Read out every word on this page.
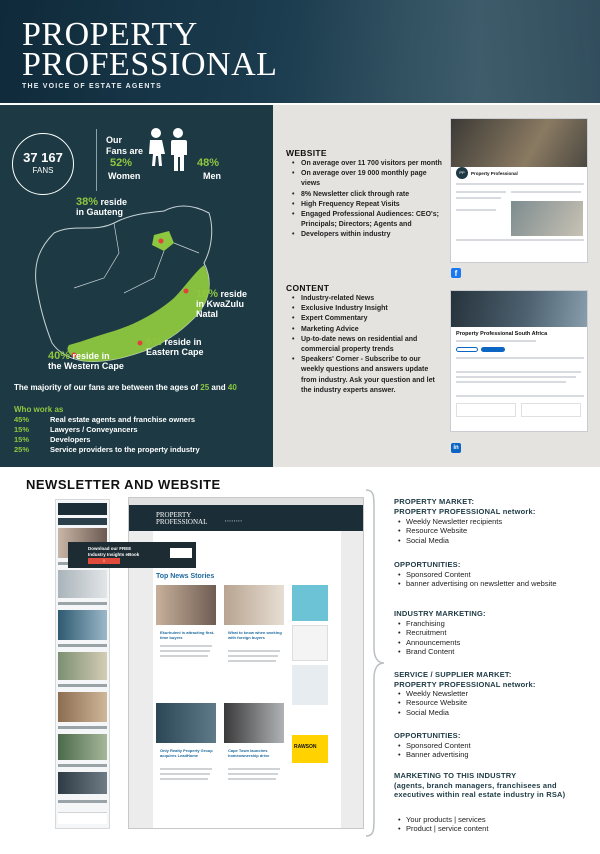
PROPERTY
PROFESSIONAL
THE VOICE OF ESTATE AGENTS
37 167
FANS
Our
Fans are
52%
Women
48%
Men
38% reside
in Gauteng
16% reside
in KwaZulu
Natal
6% reside in
Eastern Cape
40% reside in
the Western Cape
The majority of our fans are between the ages of 25 and 40
Who work as
45%	Real estate agents and franchise owners
15%	Lawyers / Conveyancers
15%	Developers
25%	Service providers to the property industry
WEBSITE
• On average over 11 700 visitors per month
• On average over 19 000 monthly page views
• 8% Newsletter click through rate
• High Frequency Repeat Visits
• Engaged Professional Audiences: CEO's; Principals; Directors; Agents and
• Developers within industry
CONTENT
• Industry-related News
• Exclusive Industry Insight
• Expert Commentary
• Marketing Advice
• Up-to-date news on residential and commercial property trends
• Speakers' Corner - Subscribe to our weekly questions and answers update from industry. Ask your question and let the industry experts answer.
PP	Property Professional
f
Property Professional South Africa
in
NEWSLETTER AND WEBSITE
PROPERTY
PROFESSIONAL	▪ ▪ ▪ ▪ ▪ ▪ ▪ ▪
Download our FREE
Industry Insights eBook
⇩
Top News Stories
Ekurhuleni is attracting first-time buyers
What to know when working with foreign buyers
Only Realty Property Group acquires LeadHome
Cape Town launches homeownership drive
RAWSON
PROPERTY MARKET:
PROPERTY PROFESSIONAL network:
• Weekly Newsletter recipients
• Resource Website
• Social Media
OPPORTUNITIES:
• Sponsored Content
• banner advertising on newsletter and website
INDUSTRY MARKETING:
• Franchising
• Recruitment
• Announcements
• Brand Content
SERVICE / SUPPLIER MARKET:
PROPERTY PROFESSIONAL network:
• Weekly Newsletter
• Resource Website
• Social Media
OPPORTUNITIES:
• Sponsored Content
• Banner advertising
MARKETING TO THIS INDUSTRY
(agents, branch managers, franchisees and executives within real estate industry in RSA)
• Your products | services
• Product | service content
